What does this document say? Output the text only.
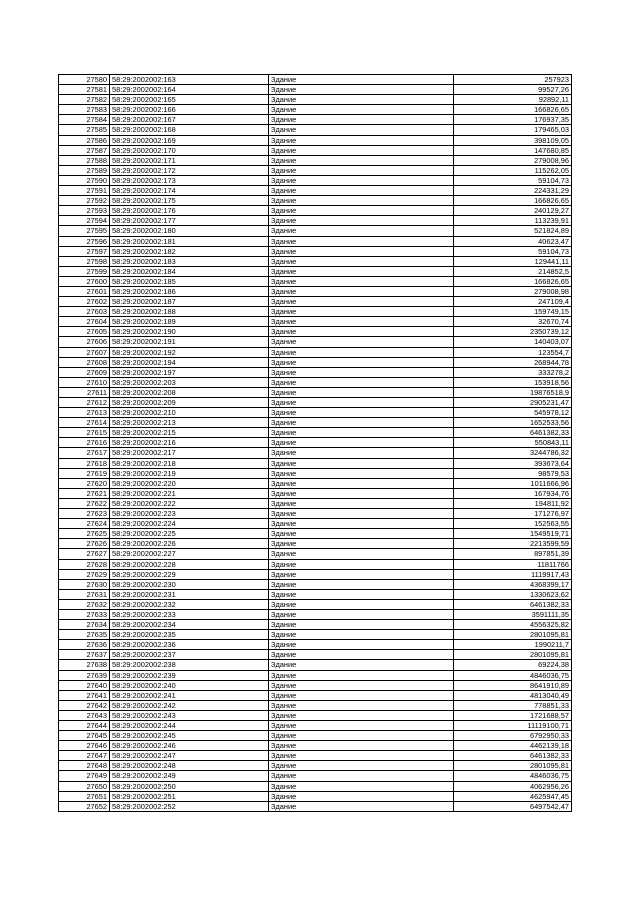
27580	58:29:2002002:163	Здание	257923
27581	58:29:2002002:164	Здание	99527,26
27582	58:29:2002002:165	Здание	92892,11
27583	58:29:2002002:166	Здание	166826,65
27584	58:29:2002002:167	Здание	176937,35
27585	58:29:2002002:168	Здание	179465,03
27586	58:29:2002002:169	Здание	398109,05
27587	58:29:2002002:170	Здание	147680,85
27588	58:29:2002002:171	Здание	279008,96
27589	58:29:2002002:172	Здание	115262,05
27590	58:29:2002002:173	Здание	59104,73
27591	58:29:2002002:174	Здание	224331,29
27592	58:29:2002002:175	Здание	166826,65
27593	58:29:2002002:176	Здание	240129,27
27594	58:29:2002002:177	Здание	113239,91
27595	58:29:2002002:180	Здание	521824,89
27596	58:29:2002002:181	Здание	40623,47
27597	58:29:2002002:182	Здание	59104,73
27598	58:29:2002002:183	Здание	129441,11
27599	58:29:2002002:184	Здание	214852,5
27600	58:29:2002002:185	Здание	166826,65
27601	58:29:2002002:186	Здание	279008,98
27602	58:29:2002002:187	Здание	247109,4
27603	58:29:2002002:188	Здание	159749,15
27604	58:29:2002002:189	Здание	32670,74
27605	58:29:2002002:190	Здание	2350739,12
27606	58:29:2002002:191	Здание	140403,07
27607	58:29:2002002:192	Здание	123554,7
27608	58:29:2002002:194	Здание	268944,78
27609	58:29:2002002:197	Здание	333278,2
27610	58:29:2002002:203	Здание	153918,56
27611	58:29:2002002:208	Здание	19876518,9
27612	58:29:2002002:209	Здание	2905231,47
27613	58:29:2002002:210	Здание	545978,12
27614	58:29:2002002:213	Здание	1652533,56
27615	58:29:2002002:215	Здание	6461382,33
27616	58:29:2002002:216	Здание	550843,11
27617	58:29:2002002:217	Здание	3244786,32
27618	58:29:2002002:218	Здание	393673,64
27619	58:29:2002002:219	Здание	98579,53
27620	58:29:2002002:220	Здание	1011666,96
27621	58:29:2002002:221	Здание	167934,76
27622	58:29:2002002:222	Здание	194811,92
27623	58:29:2002002:223	Здание	171276,97
27624	58:29:2002002:224	Здание	152563,55
27625	58:29:2002002:225	Здание	1549519,71
27626	58:29:2002002:226	Здание	2213599,59
27627	58:29:2002002:227	Здание	897851,39
27628	58:29:2002002:228	Здание	11811766
27629	58:29:2002002:229	Здание	1119917,43
27630	58:29:2002002:230	Здание	4368399,17
27631	58:29:2002002:231	Здание	1330623,62
27632	58:29:2002002:232	Здание	6461382,33
27633	58:29:2002002:233	Здание	3591111,35
27634	58:29:2002002:234	Здание	4556325,82
27635	58:29:2002002:235	Здание	2801095,81
27636	58:29:2002002:236	Здание	1990211,7
27637	58:29:2002002:237	Здание	2801095,81
27638	58:29:2002002:238	Здание	69224,38
27639	58:29:2002002:239	Здание	4846036,75
27640	58:29:2002002:240	Здание	8641910,89
27641	58:29:2002002:241	Здание	4813040,49
27642	58:29:2002002:242	Здание	778851,33
27643	58:29:2002002:243	Здание	1721688,57
27644	58:29:2002002:244	Здание	11119100,71
27645	58:29:2002002:245	Здание	6792950,33
27646	58:29:2002002:246	Здание	4462139,18
27647	58:29:2002002:247	Здание	6461382,33
27648	58:29:2002002:248	Здание	2801095,81
27649	58:29:2002002:249	Здание	4846036,75
27650	58:29:2002002:250	Здание	4062956,26
27651	58:29:2002002:251	Здание	4625947,45
27652	58:29:2002002:252	Здание	6497542,47
